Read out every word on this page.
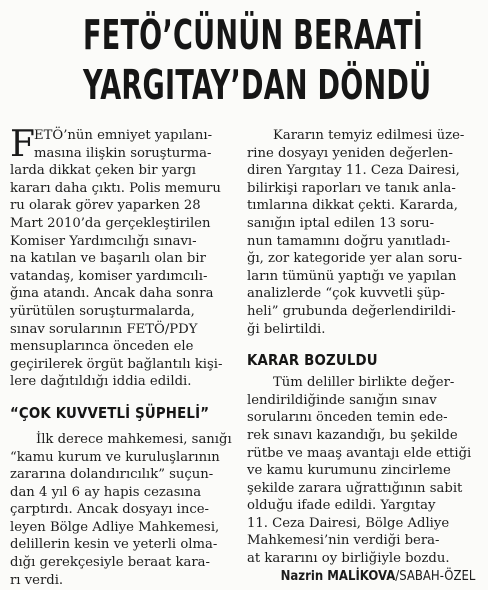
FETÖ’CÜNÜN BERAATİ
YARGITAY’DAN DÖNDÜ
F ETÖ’nün emniyet yapılanı-
masına ilişkin soruşturma-
larda dikkat çeken bir yargı
kararı daha çıktı. Polis memuru
ru olarak görev yaparken 28
Mart 2010’da gerçekleştirilen
Komiser Yardımcılığı sınavı-
na katılan ve başarılı olan bir
vatandaş, komiser yardımcılı-
ğına atandı. Ancak daha sonra
yürütülen soruşturmalarda,
sınav sorularının FETÖ/PDY
mensuplarınca önceden ele
geçirilerek örgüt bağlantılı kişi-
lere dağıtıldığı iddia edildi.
“ÇOK KUVVETLİ ŞÜPHELİ”
İlk derece mahkemesi, sanığı
“kamu kurum ve kuruluşlarının
zararına dolandırıcılık” suçun-
dan 4 yıl 6 ay hapis cezasına
çarptırdı. Ancak dosyayı ince-
leyen Bölge Adliye Mahkemesi,
delillerin kesin ve yeterli olma-
dığı gerekçesiyle beraat kara-
rı verdi.
Kararın temyiz edilmesi üze-
rine dosyayı yeniden değerlen-
diren Yargıtay 11. Ceza Dairesi,
bilirkişi raporları ve tanık anla-
tımlarına dikkat çekti. Kararda,
sanığın iptal edilen 13 soru-
nun tamamını doğru yanıtladı-
ğı, zor kategoride yer alan soru-
ların tümünü yaptığı ve yapılan
analizlerde “çok kuvvetli şüp-
heli” grubunda değerlendirildi-
ği belirtildi.
KARAR BOZULDU
Tüm deliller birlikte değer-
lendirildiğinde sanığın sınav
sorularını önceden temin ede-
rek sınavı kazandığı, bu şekilde
rütbe ve maaş avantajı elde ettiği
ve kamu kurumunu zincirleme
şekilde zarara uğrattığının sabit
olduğu ifade edildi. Yargıtay
11. Ceza Dairesi, Bölge Adliye
Mahkemesi’nin verdiği bera-
at kararını oy birliğiyle bozdu.
Nazrin MALİKOVA/SABAH-ÖZEL
